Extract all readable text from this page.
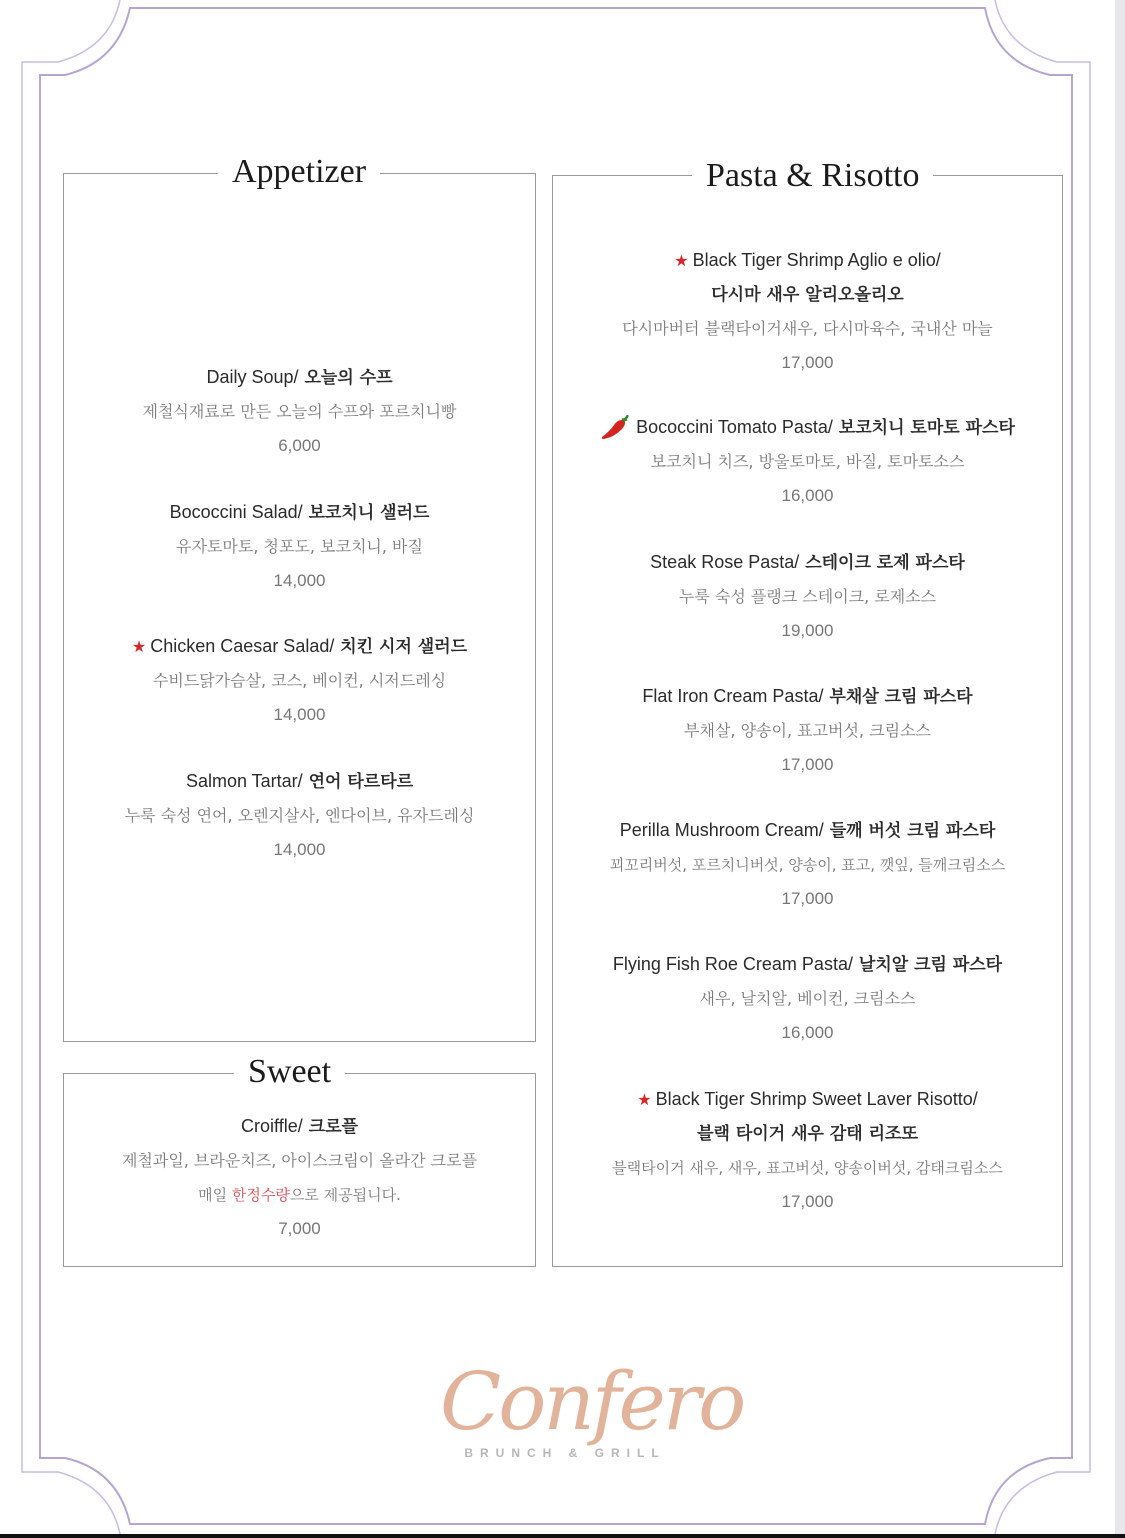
Appetizer
Daily Soup/ 오늘의 수프
제철식재료로 만든 오늘의 수프와 포르치니빵
6,000
Bococcini Salad/ 보코치니 샐러드
유자토마토, 청포도, 보코치니, 바질
14,000
★ Chicken Caesar Salad/ 치킨 시저 샐러드
수비드닭가슴살, 코스, 베이컨, 시저드레싱
14,000
Salmon Tartar/ 연어 타르타르
누룩 숙성 연어, 오렌지살사, 엔다이브, 유자드레싱
14,000
Sweet
Croiffle/ 크로플
제철과일, 브라운치즈, 아이스크림이 올라간 크로플
매일 한정수량으로 제공됩니다.
7,000
Pasta & Risotto
★ Black Tiger Shrimp Aglio e olio/
다시마 새우 알리오올리오
다시마버터 블랙타이거새우, 다시마육수, 국내산 마늘
17,000
Bococcini Tomato Pasta/ 보코치니 토마토 파스타
보코치니 치즈, 방울토마토, 바질, 토마토소스
16,000
Steak Rose Pasta/ 스테이크 로제 파스타
누룩 숙성 플랭크 스테이크, 로제소스
19,000
Flat Iron Cream Pasta/ 부채살 크림 파스타
부채살, 양송이, 표고버섯, 크림소스
17,000
Perilla Mushroom Cream/ 들깨 버섯 크림 파스타
꾀꼬리버섯, 포르치니버섯, 양송이, 표고, 깻잎, 들깨크림소스
17,000
Flying Fish Roe Cream Pasta/ 날치알 크림 파스타
새우, 날치알, 베이컨, 크림소스
16,000
★ Black Tiger Shrimp Sweet Laver Risotto/
블랙 타이거 새우 감태 리조또
블랙타이거 새우, 새우, 표고버섯, 양송이버섯, 감태크림소스
17,000
Confero
BRUNCH & GRILL
